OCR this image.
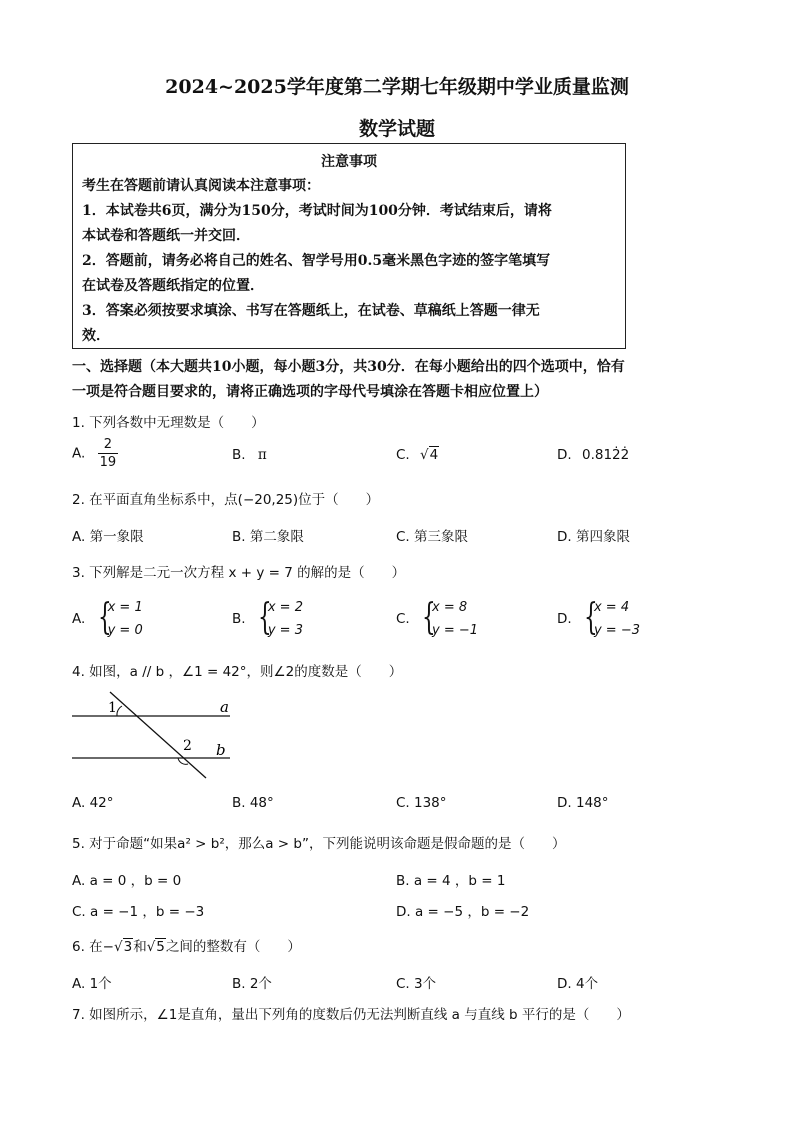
2024~2025学年度第二学期七年级期中学业质量监测
数学试题
注意事项
考生在答题前请认真阅读本注意事项：
1．本试卷共6页，满分为150分，考试时间为100分钟．考试结束后，请将
本试卷和答题纸一并交回．
2．答题前，请务必将自己的姓名、智学号用0.5毫米黑色字迹的签字笔填写
在试卷及答题纸指定的位置．
3．答案必须按要求填涂、书写在答题纸上，在试卷、草稿纸上答题一律无
效．
一、选择题（本大题共10小题，每小题3分，共30分．在每小题给出的四个选项中，恰有
一项是符合题目要求的，请将正确选项的字母代号填涂在答题卡相应位置上）
1. 下列各数中无理数是（　　）
A. $\frac{2}{19}$	B. π	C. √4	D. 0.812̇2̇
2. 在平面直角坐标系中，点(−20,25)位于（　　）
A. 第一象限	B. 第二象限	C. 第三象限	D. 第四象限
3. 下列解是二元一次方程 x + y = 7 的解的是（　　）
A. {
x = 1
y = 0
B. {
x = 2
y = 3
C. {
x = 8
y = −1
D. {
x = 4
y = −3
4. 如图，a // b ，∠1 = 42°，则∠2的度数是（　　）
1
2
a
b
A. 42°	B. 48°	C. 138°	D. 148°
5. 对于命题“如果a² > b²，那么a > b”，下列能说明该命题是假命题的是（　　）
A. a = 0 ，b = 0	B. a = 4 ，b = 1
C. a = −1 ，b = −3	D. a = −5 ，b = −2
6. 在−√3和√5之间的整数有（　　）
A. 1个	B. 2个	C. 3个	D. 4个
7. 如图所示，∠1是直角，量出下列角的度数后仍无法判断直线 a 与直线 b 平行的是（　　）
